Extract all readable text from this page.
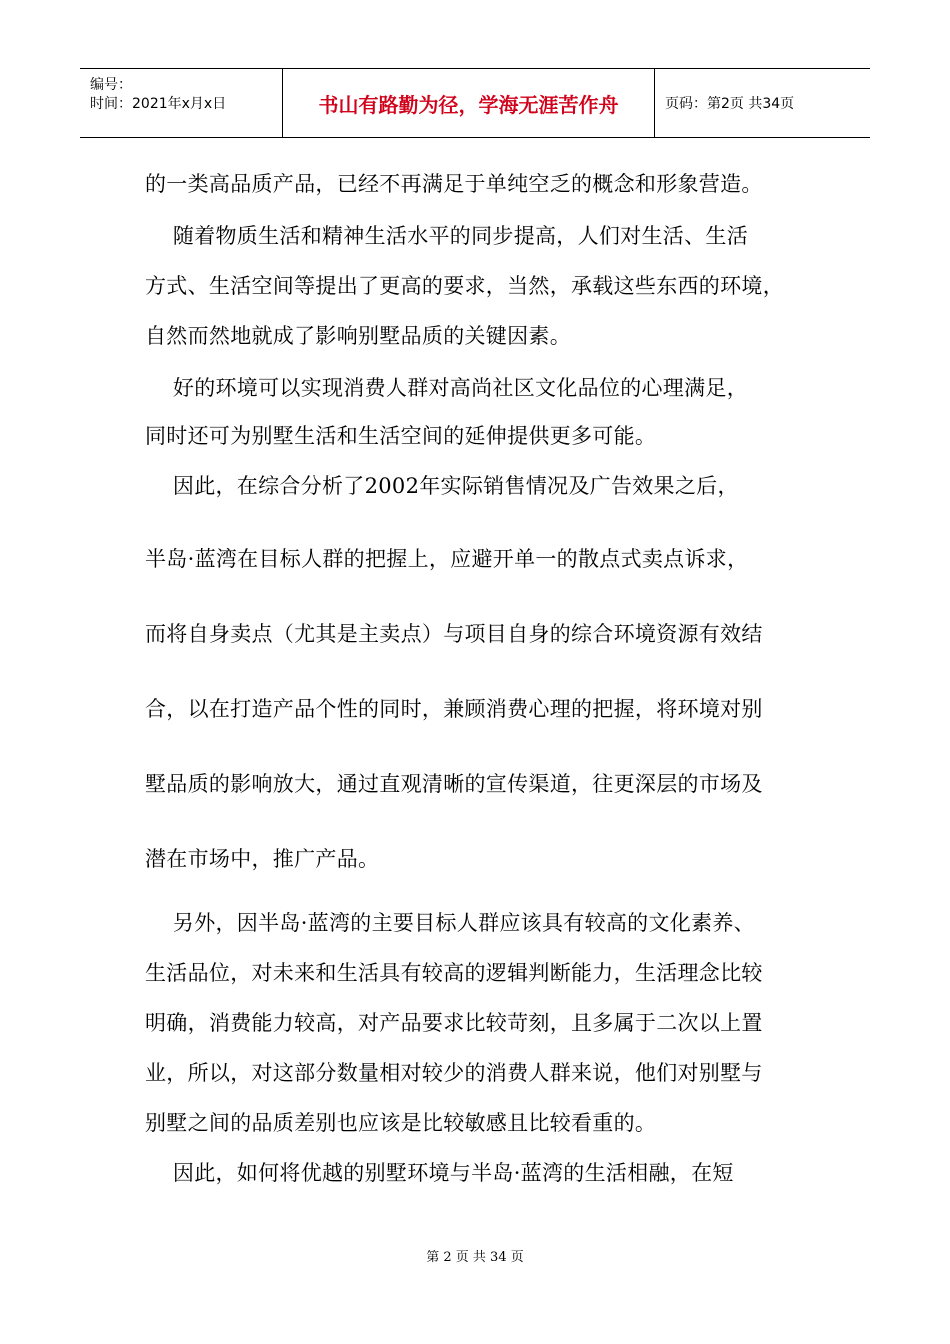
编号：
时间：2021年x月x日	书山有路勤为径，学海无涯苦作舟	页码：第2页 共34页

的一类高品质产品，已经不再满足于单纯空乏的概念和形象营造。

随着物质生活和精神生活水平的同步提高，人们对生活、生活

方式、生活空间等提出了更高的要求，当然，承载这些东西的环境，

自然而然地就成了影响别墅品质的关键因素。

好的环境可以实现消费人群对高尚社区文化品位的心理满足，

同时还可为别墅生活和生活空间的延伸提供更多可能。

因此，在综合分析了2002年实际销售情况及广告效果之后，

半岛·蓝湾在目标人群的把握上，应避开单一的散点式卖点诉求，

而将自身卖点（尤其是主卖点）与项目自身的综合环境资源有效结

合，以在打造产品个性的同时，兼顾消费心理的把握，将环境对别

墅品质的影响放大，通过直观清晰的宣传渠道，往更深层的市场及

潜在市场中，推广产品。

另外，因半岛·蓝湾的主要目标人群应该具有较高的文化素养、

生活品位，对未来和生活具有较高的逻辑判断能力，生活理念比较

明确，消费能力较高，对产品要求比较苛刻，且多属于二次以上置

业，所以，对这部分数量相对较少的消费人群来说，他们对别墅与

别墅之间的品质差别也应该是比较敏感且比较看重的。

因此，如何将优越的别墅环境与半岛·蓝湾的生活相融，在短

第 2 页 共 34 页
